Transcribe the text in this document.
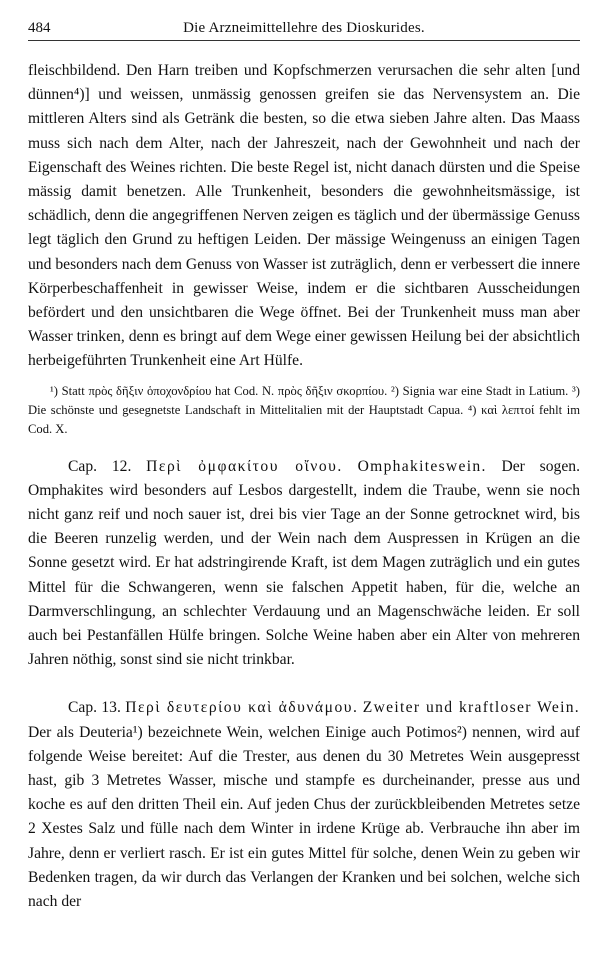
484	Die Arzneimittellehre des Dioskurides.

fleischbildend. Den Harn treiben und Kopfschmerzen verursachen die sehr alten [und dünnen⁴)] und weissen, unmässig genossen greifen sie das Nervensystem an. Die mittleren Alters sind als Getränk die besten, so die etwa sieben Jahre alten. Das Maass muss sich nach dem Alter, nach der Jahreszeit, nach der Gewohnheit und nach der Eigenschaft des Weines richten. Die beste Regel ist, nicht danach dürsten und die Speise mässig damit benetzen. Alle Trunkenheit, besonders die gewohnheitsmässige, ist schädlich, denn die angegriffenen Nerven zeigen es täglich und der übermässige Genuss legt täglich den Grund zu heftigen Leiden. Der mässige Weingenuss an einigen Tagen und besonders nach dem Genuss von Wasser ist zuträglich, denn er verbessert die innere Körperbeschaffenheit in gewisser Weise, indem er die sichtbaren Ausscheidungen befördert und den unsichtbaren die Wege öffnet. Bei der Trunkenheit muss man aber Wasser trinken, denn es bringt auf dem Wege einer gewissen Heilung bei der absichtlich herbeigeführten Trunkenheit eine Art Hülfe.

¹) Statt πρὸς δῆξιν ὁποχονδρίου hat Cod. N. πρὸς δῆξιν σκορπίου. ²) Signia war eine Stadt in Latium. ³) Die schönste und gesegnetste Landschaft in Mittelitalien mit der Hauptstadt Capua. ⁴) καὶ λεπτοί fehlt im Cod. X.

Cap. 12. Περὶ ὀμφακίτου οἴνου. Omphakiteswein. Der sogen. Omphakites wird besonders auf Lesbos dargestellt, indem die Traube, wenn sie noch nicht ganz reif und noch sauer ist, drei bis vier Tage an der Sonne getrocknet wird, bis die Beeren runzelig werden, und der Wein nach dem Auspressen in Krügen an die Sonne gesetzt wird. Er hat adstringirende Kraft, ist dem Magen zuträglich und ein gutes Mittel für die Schwangeren, wenn sie falschen Appetit haben, für die, welche an Darmverschlingung, an schlechter Verdauung und an Magenschwäche leiden. Er soll auch bei Pestanfällen Hülfe bringen. Solche Weine haben aber ein Alter von mehreren Jahren nöthig, sonst sind sie nicht trinkbar.

Cap. 13. Περὶ δευτερίου καὶ ἀδυνάμου. Zweiter und kraftloser Wein. Der als Deuteria¹) bezeichnete Wein, welchen Einige auch Potimos²) nennen, wird auf folgende Weise bereitet: Auf die Trester, aus denen du 30 Metretes Wein ausgepresst hast, gib 3 Metretes Wasser, mische und stampfe es durcheinander, presse aus und koche es auf den dritten Theil ein. Auf jeden Chus der zurückbleibenden Metretes setze 2 Xestes Salz und fülle nach dem Winter in irdene Krüge ab. Verbrauche ihn aber im Jahre, denn er verliert rasch. Er ist ein gutes Mittel für solche, denen Wein zu geben wir Bedenken tragen, da wir durch das Verlangen der Kranken und bei solchen, welche sich nach der
